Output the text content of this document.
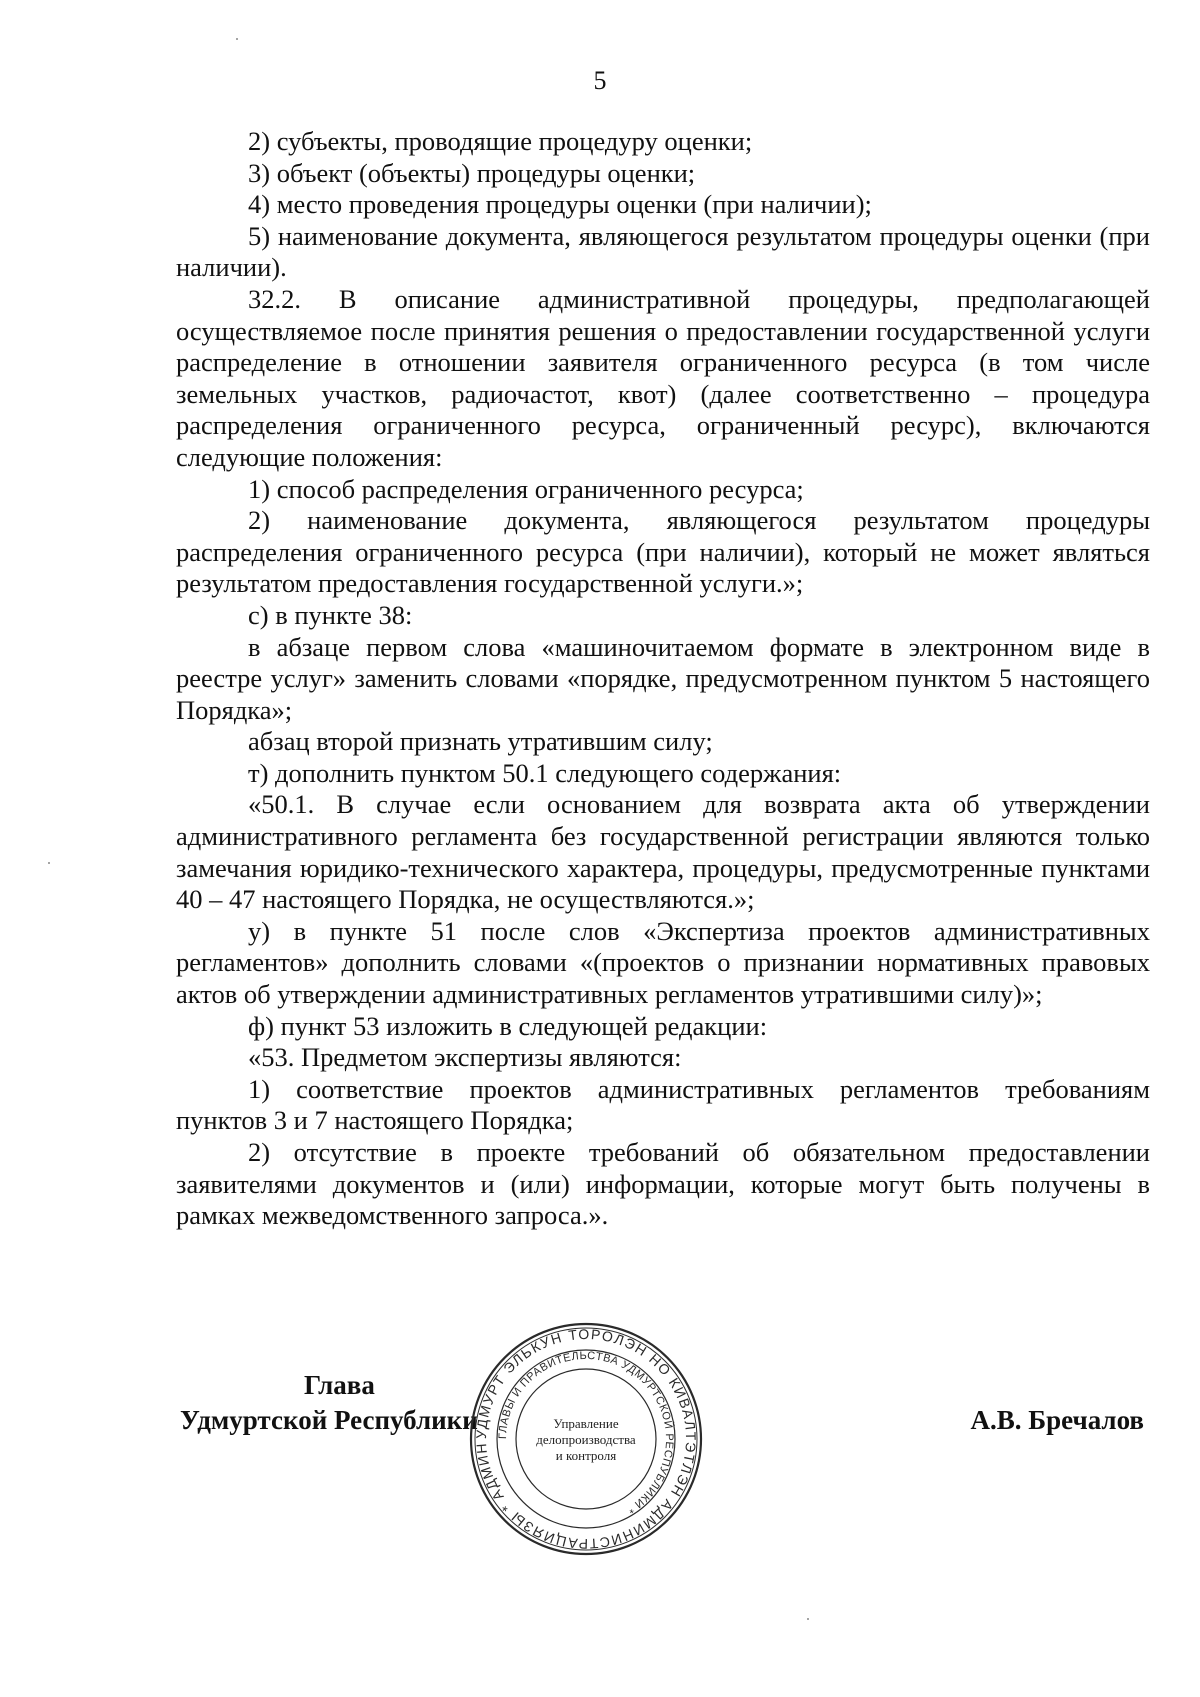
5

2) субъекты, проводящие процедуру оценки;

3) объект (объекты) процедуры оценки;

4) место проведения процедуры оценки (при наличии);

5) наименование документа, являющегося результатом процедуры оценки (при наличии).

32.2. В описание административной процедуры, предполагающей осуществляемое после принятия решения о предоставлении государственной услуги распределение в отношении заявителя ограниченного ресурса (в том числе земельных участков, радиочастот, квот) (далее соответственно – процедура распределения ограниченного ресурса, ограниченный ресурс), включаются следующие положения:

1) способ распределения ограниченного ресурса;

2) наименование документа, являющегося результатом процедуры распределения ограниченного ресурса (при наличии), который не может являться результатом предоставления государственной услуги.»;

с) в пункте 38:

в абзаце первом слова «машиночитаемом формате в электронном виде в реестре услуг» заменить словами «порядке, предусмотренном пунктом 5 настоящего Порядка»;

абзац второй признать утратившим силу;

т) дополнить пунктом 50.1 следующего содержания:

«50.1. В случае если основанием для возврата акта об утверждении административного регламента без государственной регистрации являются только замечания юридико-технического характера, процедуры, предусмотренные пунктами 40 – 47 настоящего Порядка, не осуществляются.»;

у) в пункте 51 после слов «Экспертиза проектов административных регламентов» дополнить словами «(проектов о признании нормативных правовых актов об утверждении административных регламентов утратившими силу)»;

ф) пункт 53 изложить в следующей редакции:

«53. Предметом экспертизы являются:

1) соответствие проектов административных регламентов требованиям пунктов 3 и 7 настоящего Порядка;

2) отсутствие в проекте требований об обязательном предоставлении заявителями документов и (или) информации, которые могут быть получены в рамках межведомственного запроса.».

Глава
Удмуртской Республики	А.В. Бречалов
УДМУРТ ЭЛЬКУН ТОРОЛЭН НО КИВАЛТЭТЛЭН АДМИНИСТРАЦИЯЗЫ * АДМИН
ГЛАВЫ И ПРАВИТЕЛЬСТВА УДМУРТСКОЙ РЕСПУБЛИКИ *
Управление
делопроизводства
и контроля
